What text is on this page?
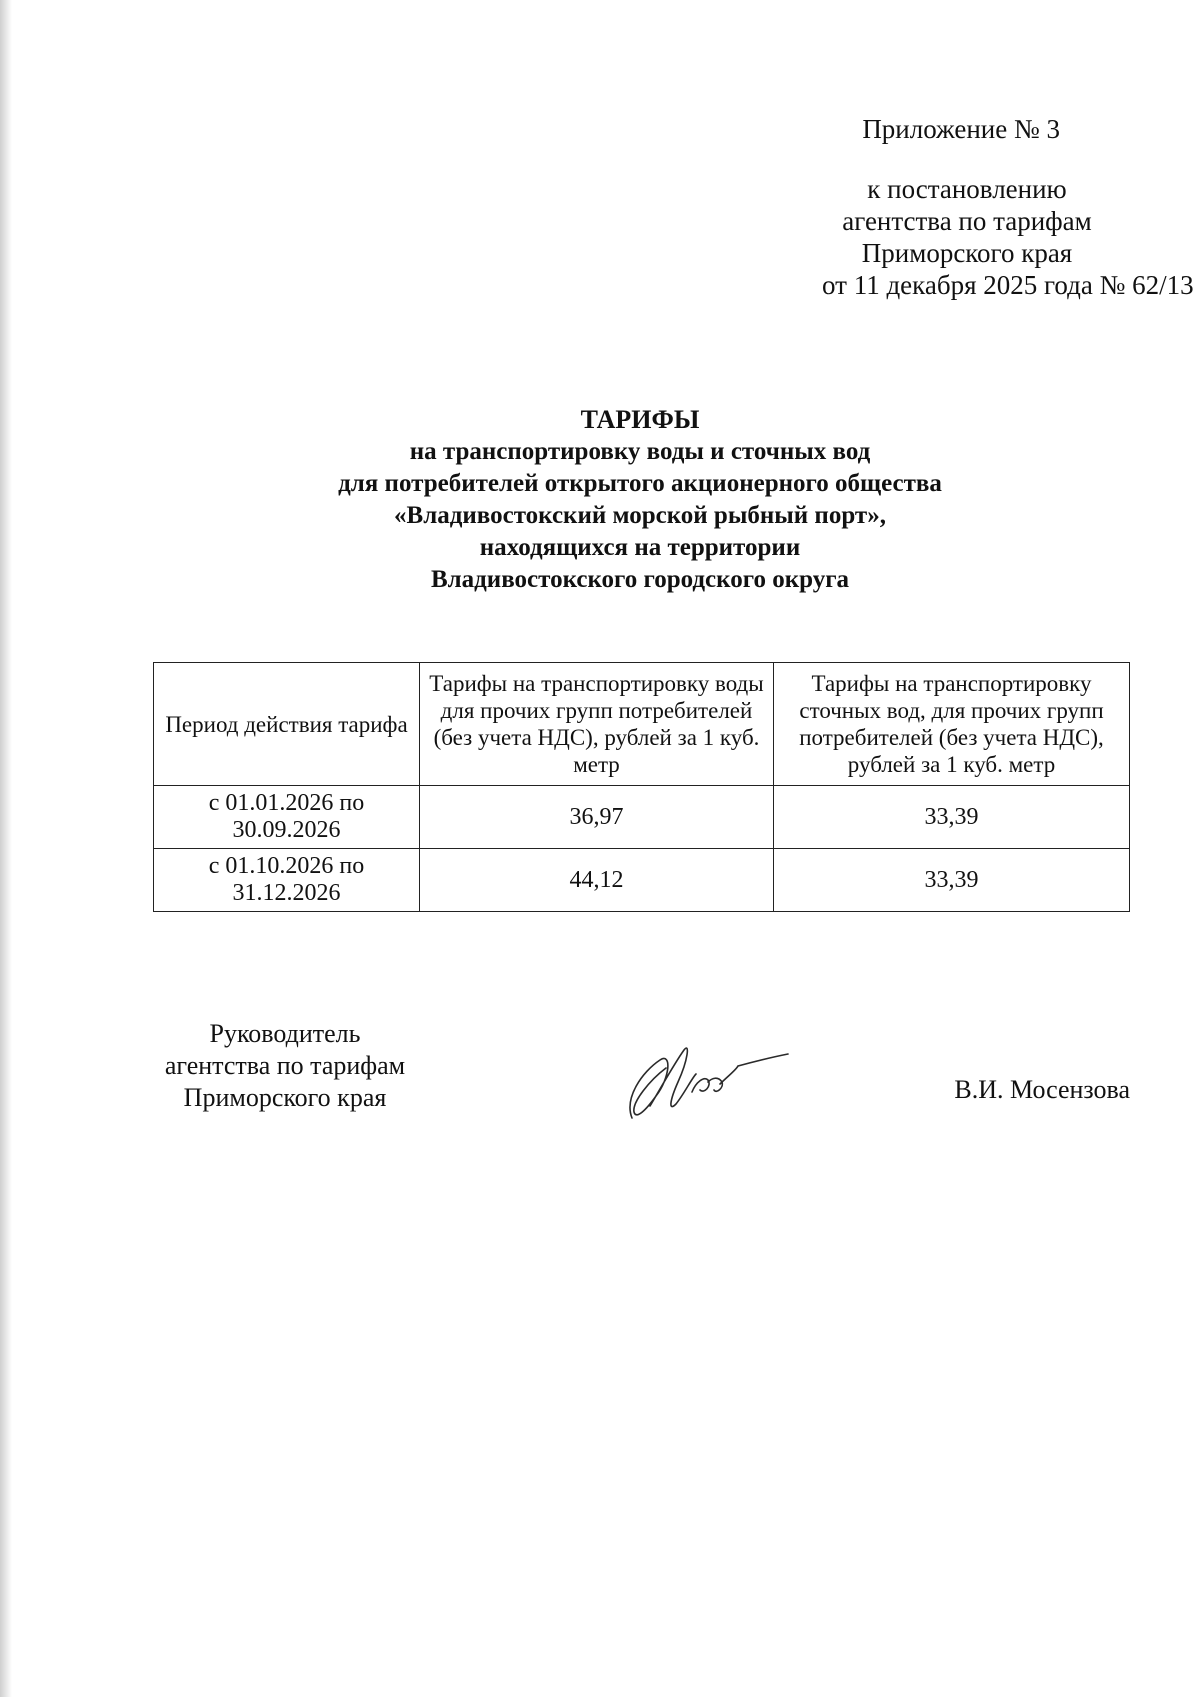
Приложение № 3
к постановлению
агентства по тарифам
Приморского края
от 11 декабря 2025 года № 62/13
ТАРИФЫ
на транспортировку воды и сточных вод
для потребителей открытого акционерного общества
«Владивостокский морской рыбный порт»,
находящихся на территории
Владивостокского городского округа
Период действия тарифа	Тарифы на транспортировку воды для прочих групп потребителей (без учета НДС), рублей за 1 куб. метр	Тарифы на транспортировку сточных вод, для прочих групп потребителей (без учета НДС), рублей за 1 куб. метр

с 01.01.2026 по
30.09.2026	36,97	33,39

с 01.10.2026 по
31.12.2026	44,12	33,39
Руководитель
агентства по тарифам
Приморского края	В.И. Мосензова
